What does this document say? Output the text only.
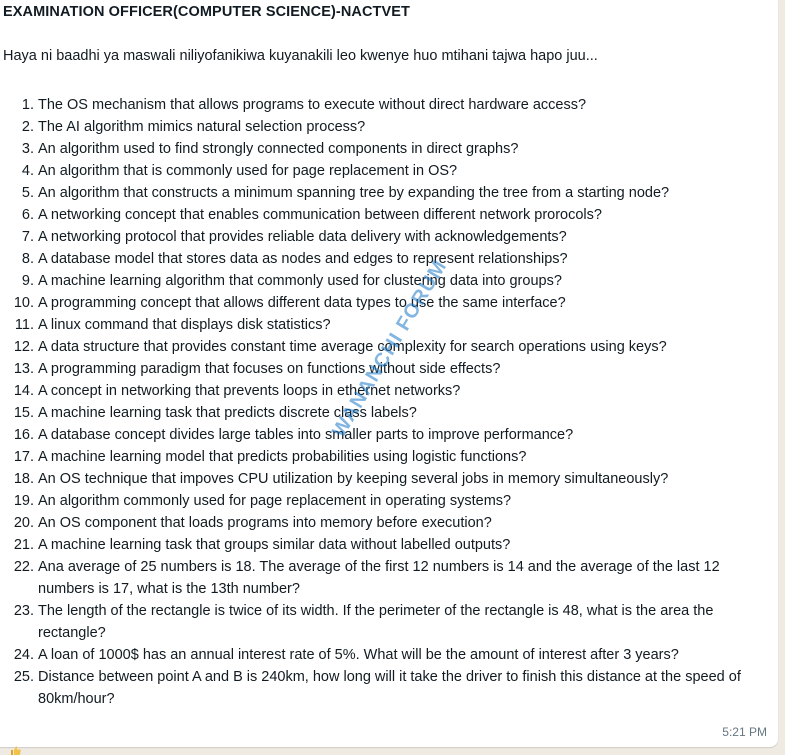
EXAMINATION OFFICER(COMPUTER SCIENCE)-NACTVET
Haya ni baadhi ya maswali niliyofanikiwa kuyanakili leo kwenye huo mtihani tajwa hapo juu...
1. The OS mechanism that allows programs to execute without direct hardware access?
2. The AI algorithm mimics natural selection process?
3. An algorithm used to find strongly connected components in direct graphs?
4. An algorithm that is commonly used for page replacement in OS?
5. An algorithm that constructs a minimum spanning tree by expanding the tree from a starting node?
6. A networking concept that enables communication between different network prorocols?
7. A networking protocol that provides reliable data delivery with acknowledgements?
8. A database model that stores data as nodes and edges to represent relationships?
9. A machine learning algorithm that commonly used for clustering data into groups?
10. A programming concept that allows different data types to use the same interface?
11. A linux command that displays disk statistics?
12. A data structure that provides constant time average complexity for search operations using keys?
13. A programming paradigm that focuses on functions without side effects?
14. A concept in networking that prevents loops in ethernet networks?
15. A machine learning task that predicts discrete class labels?
16. A database concept divides large tables into smaller parts to improve performance?
17. A machine learning model that predicts probabilities using logistic functions?
18. An OS technique that impoves CPU utilization by keeping several jobs in memory simultaneously?
19. An algorithm commonly used for page replacement in operating systems?
20. An OS component that loads programs into memory before execution?
21. A machine learning task that groups similar data without labelled outputs?
22. Ana average of 25 numbers is 18. The average of the first 12 numbers is 14 and the average of the last 12 numbers is 17, what is the 13th number?
23. The length of the rectangle is twice of its width. If the perimeter of the rectangle is 48, what is the area the rectangle?
24. A loan of 1000$ has an annual interest rate of 5%. What will be the amount of interest after 3 years?
25. Distance between point A and B is 240km, how long will it take the driver to finish this distance at the speed of 80km/hour?
5:21 PM
WANANCHI FORUM
